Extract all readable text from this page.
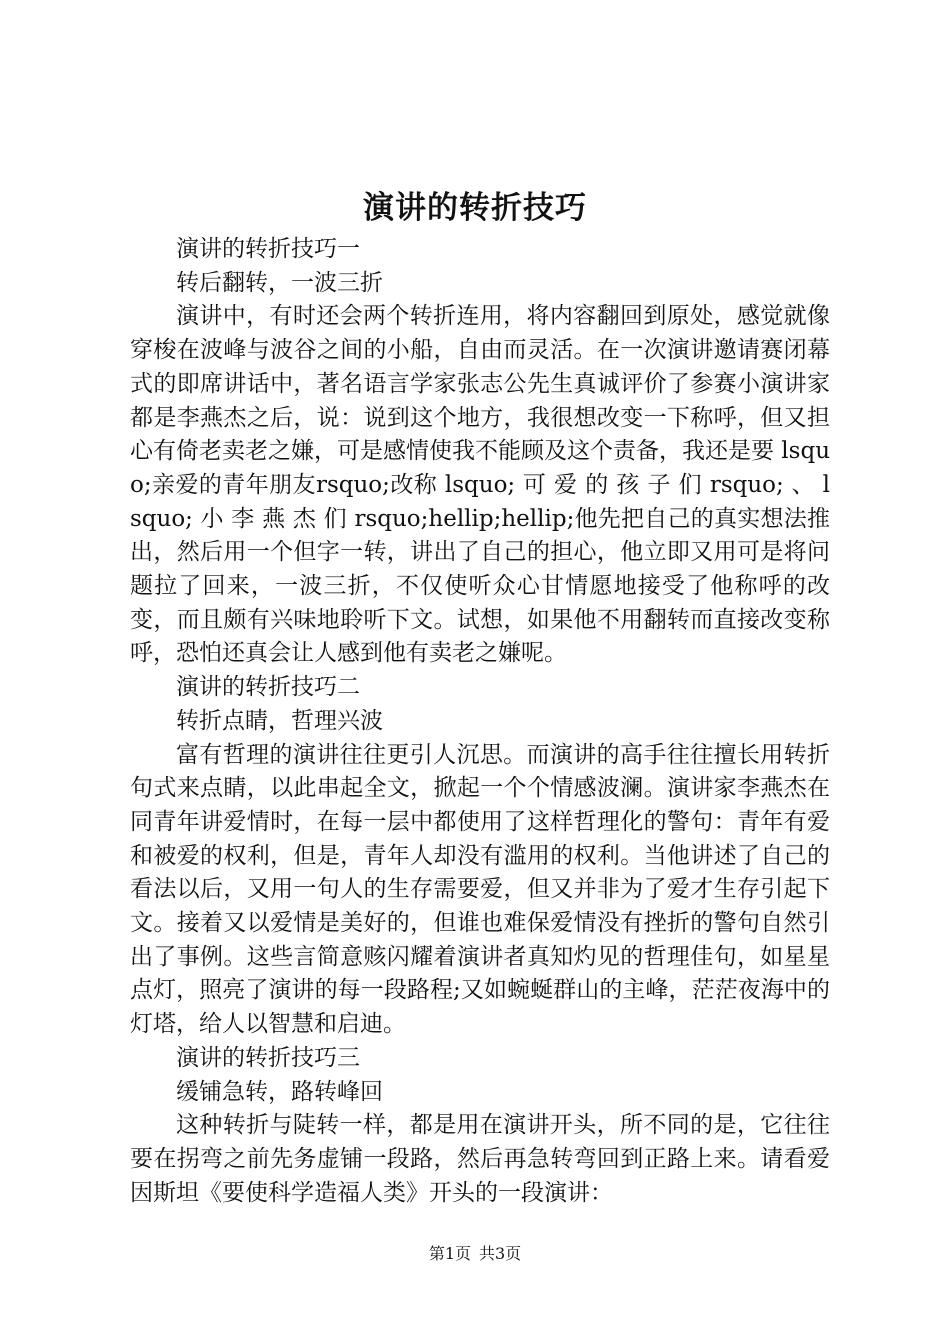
演讲的转折技巧

演讲的转折技巧一

转后翻转，一波三折

演讲中，有时还会两个转折连用，将内容翻回到原处，感觉就像穿梭在波峰与波谷之间的小船，自由而灵活。在一次演讲邀请赛闭幕式的即席讲话中，著名语言学家张志公先生真诚评价了参赛小演讲家都是李燕杰之后，说：说到这个地方，我很想改变一下称呼，但又担心有倚老卖老之嫌，可是感情使我不能顾及这个责备，我还是要 lsquo;亲爱的青年朋友rsquo;改称 lsquo; 可 爱 的 孩 子 们 rsquo; 、 lsquo; 小 李 燕 杰 们 rsquo;hellip;hellip;他先把自己的真实想法推出，然后用一个但字一转，讲出了自己的担心，他立即又用可是将问题拉了回来，一波三折，不仅使听众心甘情愿地接受了他称呼的改变，而且颇有兴味地聆听下文。试想，如果他不用翻转而直接改变称呼，恐怕还真会让人感到他有卖老之嫌呢。

演讲的转折技巧二

转折点睛，哲理兴波

富有哲理的演讲往往更引人沉思。而演讲的高手往往擅长用转折句式来点睛，以此串起全文，掀起一个个情感波澜。演讲家李燕杰在同青年讲爱情时，在每一层中都使用了这样哲理化的警句：青年有爱和被爱的权利，但是，青年人却没有滥用的权利。当他讲述了自己的看法以后，又用一句人的生存需要爱，但又并非为了爱才生存引起下文。接着又以爱情是美好的，但谁也难保爱情没有挫折的警句自然引出了事例。这些言简意赅闪耀着演讲者真知灼见的哲理佳句，如星星点灯，照亮了演讲的每一段路程;又如蜿蜒群山的主峰，茫茫夜海中的灯塔，给人以智慧和启迪。

演讲的转折技巧三

缓铺急转，路转峰回

这种转折与陡转一样，都是用在演讲开头，所不同的是，它往往要在拐弯之前先务虚铺一段路，然后再急转弯回到正路上来。请看爱因斯坦《要使科学造福人类》开头的一段演讲：

第1页 共3页
